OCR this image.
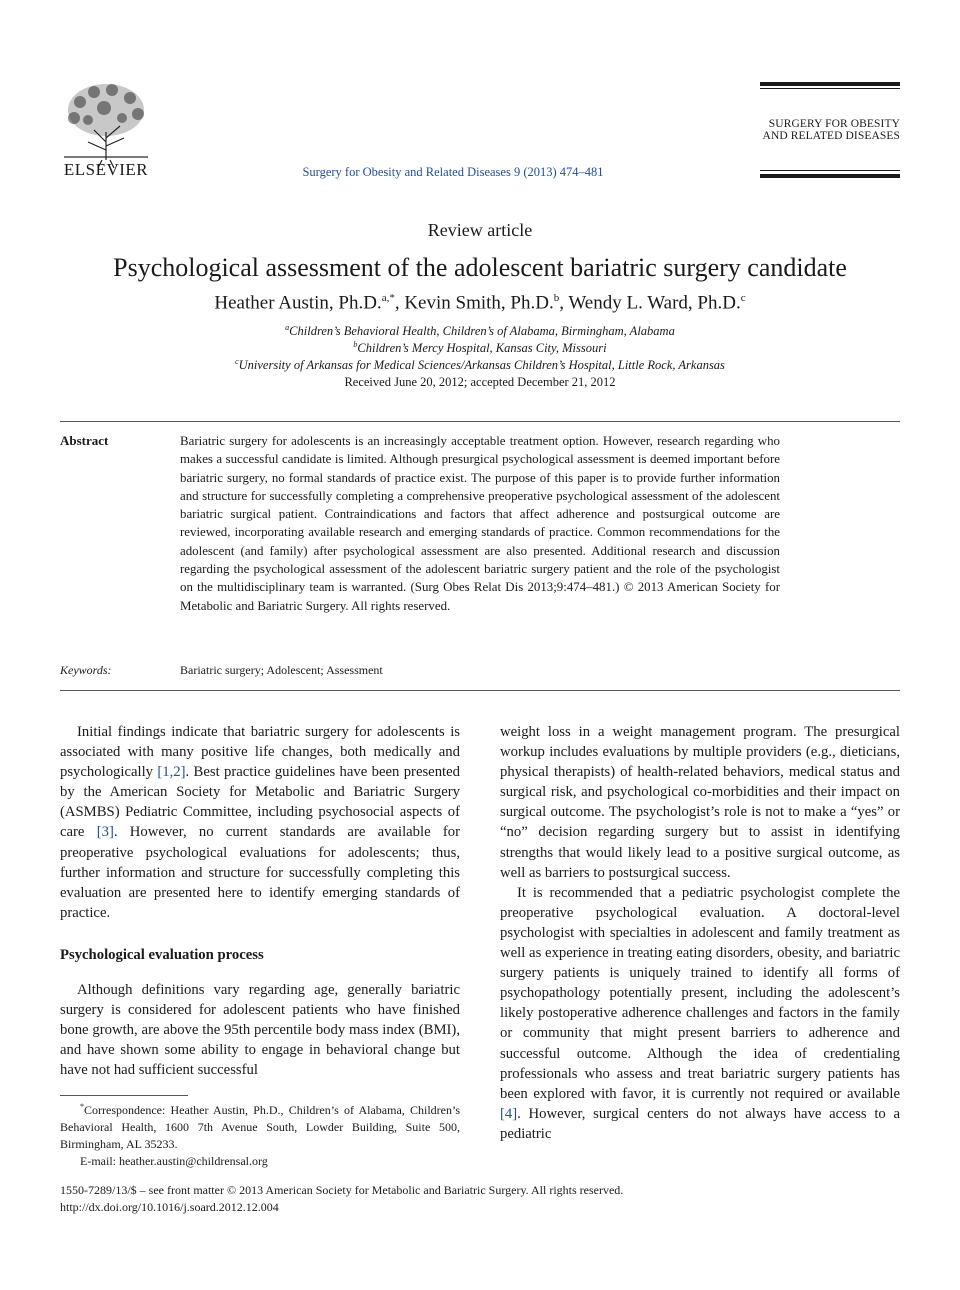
ELSEVIER	Surgery for Obesity and Related Diseases 9 (2013) 474–481
SURGERY FOR OBESITY
AND RELATED DISEASES
Review article
Psychological assessment of the adolescent bariatric surgery candidate
Heather Austin, Ph.D.$^{a,*}$, Kevin Smith, Ph.D.$^b$, Wendy L. Ward, Ph.D.$^c$
$^a$Children’s Behavioral Health, Children’s of Alabama, Birmingham, Alabama
$^b$Children’s Mercy Hospital, Kansas City, Missouri
$^c$University of Arkansas for Medical Sciences/Arkansas Children’s Hospital, Little Rock, Arkansas
Received June 20, 2012; accepted December 21, 2012
Abstract	Bariatric surgery for adolescents is an increasingly acceptable treatment option. However, research regarding who makes a successful candidate is limited. Although presurgical psychological assessment is deemed important before bariatric surgery, no formal standards of practice exist. The purpose of this paper is to provide further information and structure for successfully completing a comprehensive preoperative psychological assessment of the adolescent bariatric surgical patient. Contraindications and factors that affect adherence and postsurgical outcome are reviewed, incorporating available research and emerging standards of practice. Common recommendations for the adolescent (and family) after psychological assessment are also presented. Additional research and discussion regarding the psychological assessment of the adolescent bariatric surgery patient and the role of the psychologist on the multidisciplinary team is warranted. (Surg Obes Relat Dis 2013;9:474–481.) © 2013 American Society for Metabolic and Bariatric Surgery. All rights reserved.
Keywords:	Bariatric surgery; Adolescent; Assessment

Initial findings indicate that bariatric surgery for adolescents is associated with many positive life changes, both medically and psychologically [1,2]. Best practice guidelines have been presented by the American Society for Metabolic and Bariatric Surgery (ASMBS) Pediatric Committee, including psychosocial aspects of care [3]. However, no current standards are available for preoperative psychological evaluations for adolescents; thus, further information and structure for successfully completing this evaluation are presented here to identify emerging standards of practice.

Psychological evaluation process

Although definitions vary regarding age, generally bariatric surgery is considered for adolescent patients who have finished bone growth, are above the 95th percentile body mass index (BMI), and have shown some ability to engage in behavioral change but have not had sufficient successful

*Correspondence: Heather Austin, Ph.D., Children’s of Alabama, Children’s Behavioral Health, 1600 7th Avenue South, Lowder Building, Suite 500, Birmingham, AL 35233.

E-mail: heather.austin@childrensal.org

weight loss in a weight management program. The presurgical workup includes evaluations by multiple providers (e.g., dieticians, physical therapists) of health-related behaviors, medical status and surgical risk, and psychological co-morbidities and their impact on surgical outcome. The psychologist’s role is not to make a “yes” or “no” decision regarding surgery but to assist in identifying strengths that would likely lead to a positive surgical outcome, as well as barriers to postsurgical success.

It is recommended that a pediatric psychologist complete the preoperative psychological evaluation. A doctoral-level psychologist with specialties in adolescent and family treatment as well as experience in treating eating disorders, obesity, and bariatric surgery patients is uniquely trained to identify all forms of psychopathology potentially present, including the adolescent’s likely postoperative adherence challenges and factors in the family or community that might present barriers to adherence and successful outcome. Although the idea of credentialing professionals who assess and treat bariatric surgery patients has been explored with favor, it is currently not required or available [4]. However, surgical centers do not always have access to a pediatric

1550-7289/13/$ – see front matter © 2013 American Society for Metabolic and Bariatric Surgery. All rights reserved.
http://dx.doi.org/10.1016/j.soard.2012.12.004
